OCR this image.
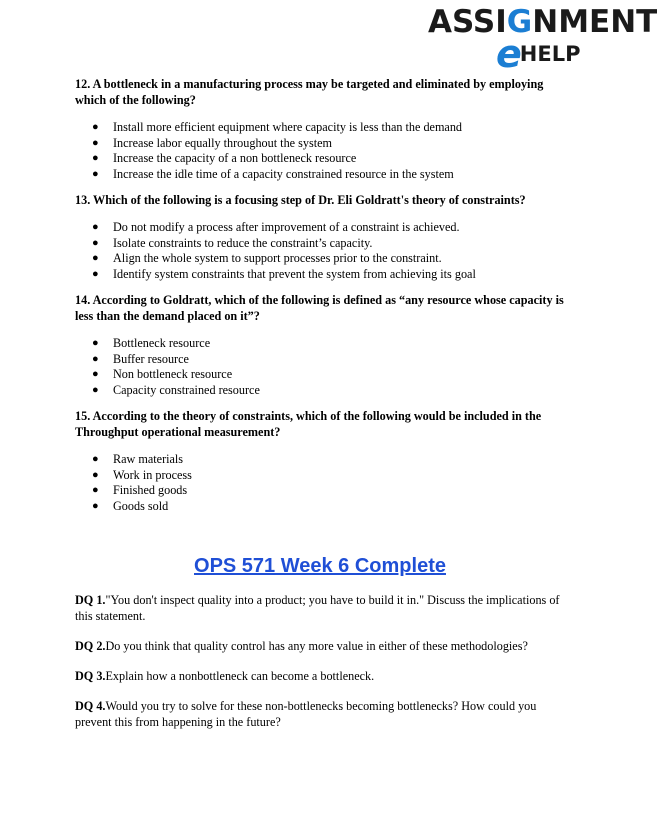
ASSIGNMENT
eHELP

12. A bottleneck in a manufacturing process may be targeted and eliminated by employing which of the following?

● Install more efficient equipment where capacity is less than the demand
● Increase labor equally throughout the system
● Increase the capacity of a non bottleneck resource
● Increase the idle time of a capacity constrained resource in the system

13. Which of the following is a focusing step of Dr. Eli Goldratt's theory of constraints?

● Do not modify a process after improvement of a constraint is achieved.
● Isolate constraints to reduce the constraint’s capacity.
● Align the whole system to support processes prior to the constraint.
● Identify system constraints that prevent the system from achieving its goal

14. According to Goldratt, which of the following is defined as “any resource whose capacity is less than the demand placed on it”?

● Bottleneck resource
● Buffer resource
● Non bottleneck resource
● Capacity constrained resource

15. According to the theory of constraints, which of the following would be included in the Throughput operational measurement?

● Raw materials
● Work in process
● Finished goods
● Goods sold
OPS 571 Week 6 Complete

DQ 1."You don't inspect quality into a product; you have to build it in." Discuss the implications of this statement.

DQ 2.Do you think that quality control has any more value in either of these methodologies?

DQ 3.Explain how a nonbottleneck can become a bottleneck.

DQ 4.Would you try to solve for these non-bottlenecks becoming bottlenecks? How could you prevent this from happening in the future?
